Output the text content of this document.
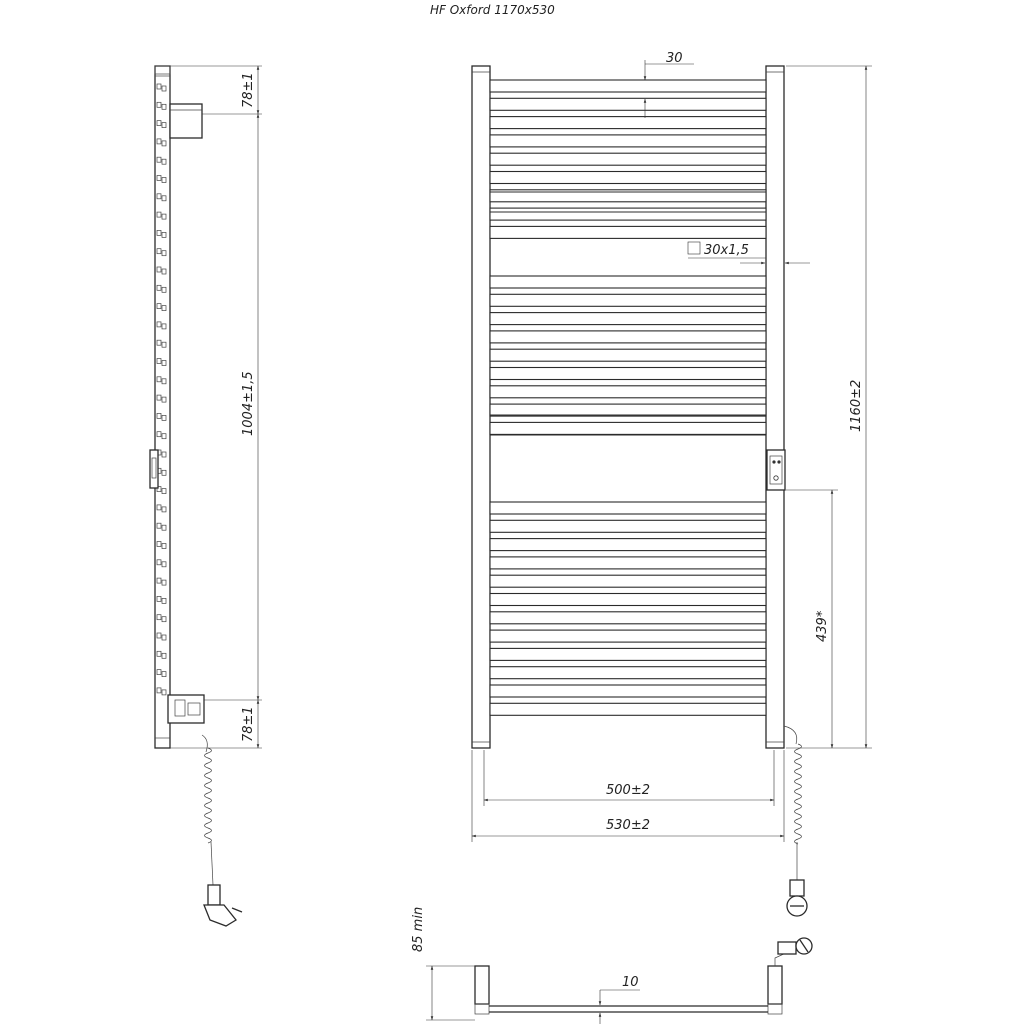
HF Oxford 1170x530
78±1
1004±1,5
78±1
30
30x1,5
1160±2
439*
500±2
530±2
85 min
10
